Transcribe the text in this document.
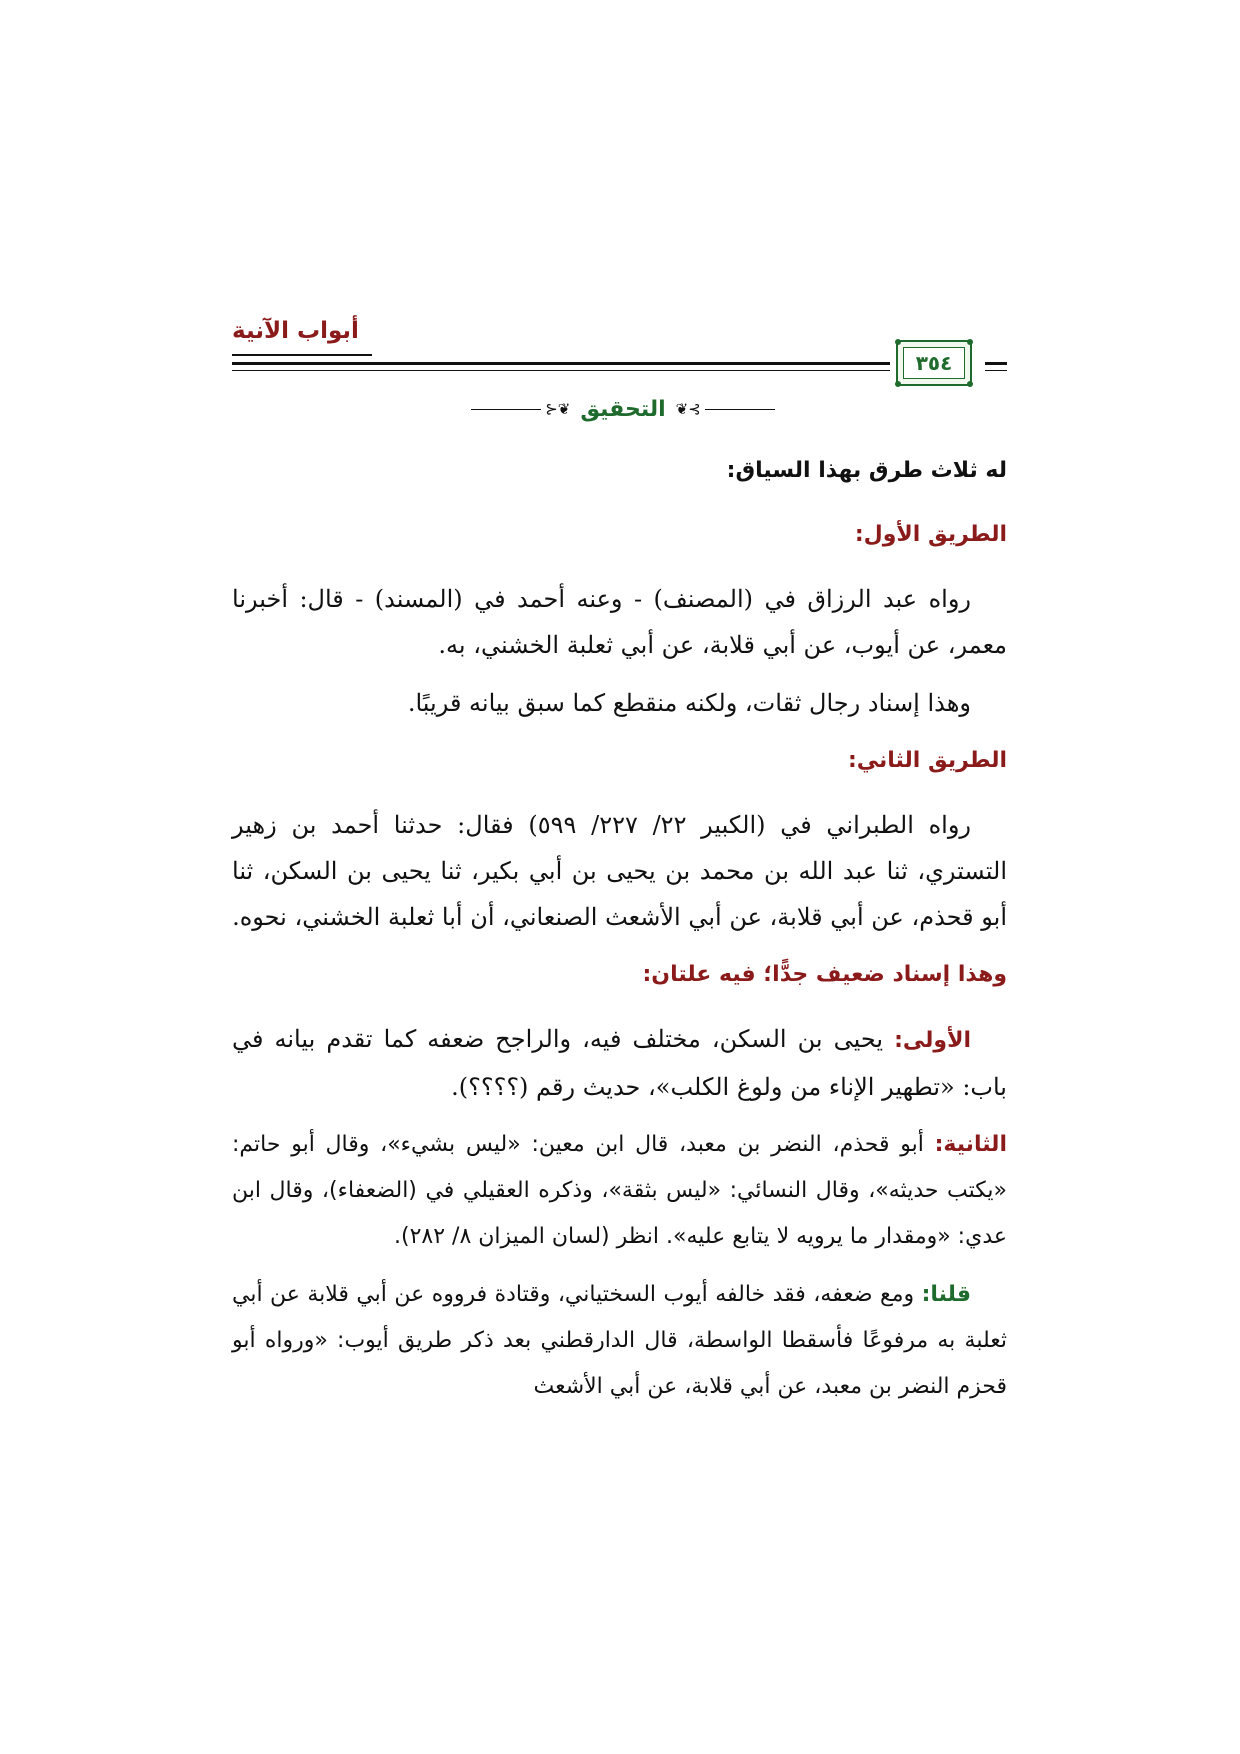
أبواب الآنية
٣٥٤
⊱❦ التحقيق ❦⊰

له ثلاث طرق بهذا السياق:

الطريق الأول:

رواه عبد الرزاق في (المصنف) - وعنه أحمد في (المسند) - قال: أخبرنا معمر، عن أيوب، عن أبي قلابة، عن أبي ثعلبة الخشني، به.

وهذا إسناد رجال ثقات، ولكنه منقطع كما سبق بيانه قريبًا.

الطريق الثاني:

رواه الطبراني في (الكبير ٢٢/ ٢٢٧/ ٥٩٩) فقال: حدثنا أحمد بن زهير التستري، ثنا عبد الله بن محمد بن يحيى بن أبي بكير، ثنا يحيى بن السكن، ثنا أبو قحذم، عن أبي قلابة، عن أبي الأشعث الصنعاني، أن أبا ثعلبة الخشني، نحوه.

وهذا إسناد ضعيف جدًّا؛ فيه علتان:

الأولى: يحيى بن السكن، مختلف فيه، والراجح ضعفه كما تقدم بيانه في باب: «تطهير الإناء من ولوغ الكلب»، حديث رقم (؟؟؟؟).

الثانية: أبو قحذم، النضر بن معبد، قال ابن معين: «ليس بشيء»، وقال أبو حاتم: «يكتب حديثه»، وقال النسائي: «ليس بثقة»، وذكره العقيلي في (الضعفاء)، وقال ابن عدي: «ومقدار ما يرويه لا يتابع عليه». انظر (لسان الميزان ٨/ ٢٨٢).

قلنا: ومع ضعفه، فقد خالفه أيوب السختياني، وقتادة فرووه عن أبي قلابة عن أبي ثعلبة به مرفوعًا فأسقطا الواسطة، قال الدارقطني بعد ذكر طريق أيوب: «ورواه أبو قحزم النضر بن معبد، عن أبي قلابة، عن أبي الأشعث
